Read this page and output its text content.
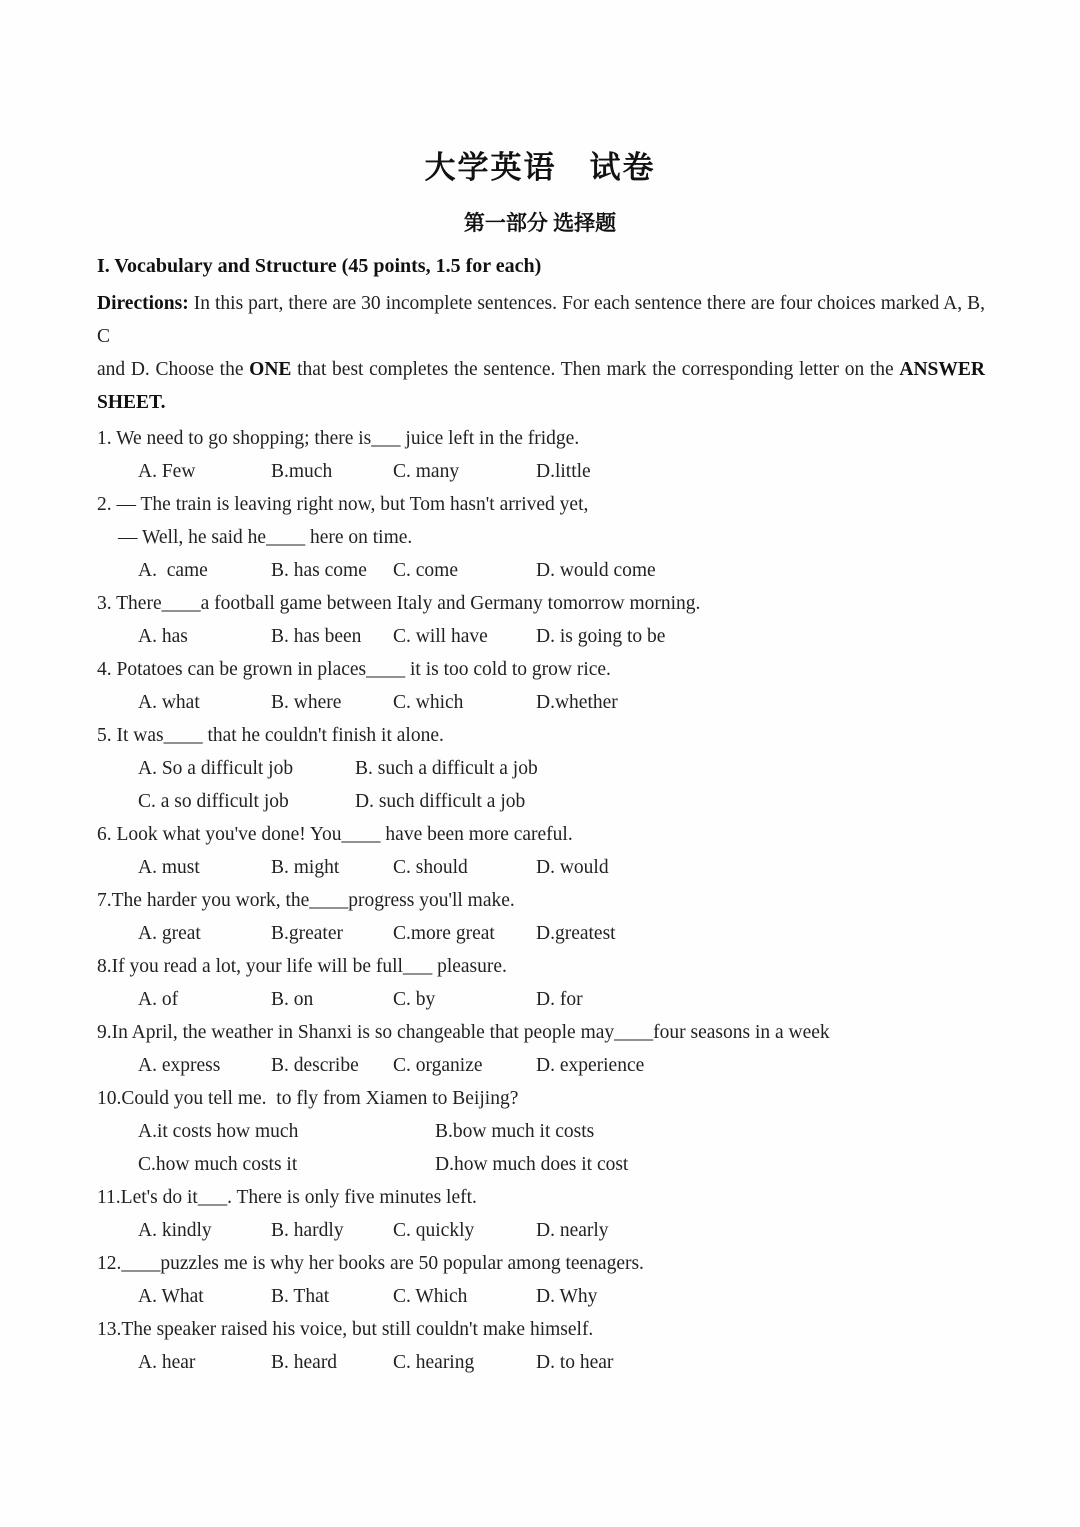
大学英语　试卷
第一部分 选择题

I. Vocabulary and Structure (45 points, 1.5 for each)

Directions: In this part, there are 30 incomplete sentences. For each sentence there are four choices marked A, B, C
and D. Choose the ONE that best completes the sentence. Then mark the corresponding letter on the ANSWER
SHEET.
1. We need to go shopping; there is___ juice left in the fridge.
A. Few	B.much	C. many	D.little
2. — The train is leaving right now, but Tom hasn't arrived yet,
— Well, he said he____ here on time.
A.  came	B. has come	C. come	D. would come
3. There____a football game between Italy and Germany tomorrow morning.
A. has	B. has been	C. will have	D. is going to be
4. Potatoes can be grown in places____ it is too cold to grow rice.
A. what	B. where	C. which	D.whether
5. It was____ that he couldn't finish it alone.
A. So a difficult job	B. such a difficult a job
C. a so difficult job	D. such difficult a job
6. Look what you've done! You____ have been more careful.
A. must	B. might	C. should	D. would
7.The harder you work, the____progress you'll make.
A. great	B.greater	C.more great	D.greatest
8.If you read a lot, your life will be full___ pleasure.
A. of	B. on	C. by	D. for
9.In April, the weather in Shanxi is so changeable that people may____four seasons in a week
A. express	B. describe	C. organize	D. experience
10.Could you tell me.  to fly from Xiamen to Beijing?
A.it costs how much	B.bow much it costs
C.how much costs it	D.how much does it cost
11.Let's do it___. There is only five minutes left.
A. kindly	B. hardly	C. quickly	D. nearly
12.____puzzles me is why her books are 50 popular among teenagers.
A. What	B. That	C. Which	D. Why
13.The speaker raised his voice, but still couldn't make himself.
A. hear	B. heard	C. hearing	D. to hear
